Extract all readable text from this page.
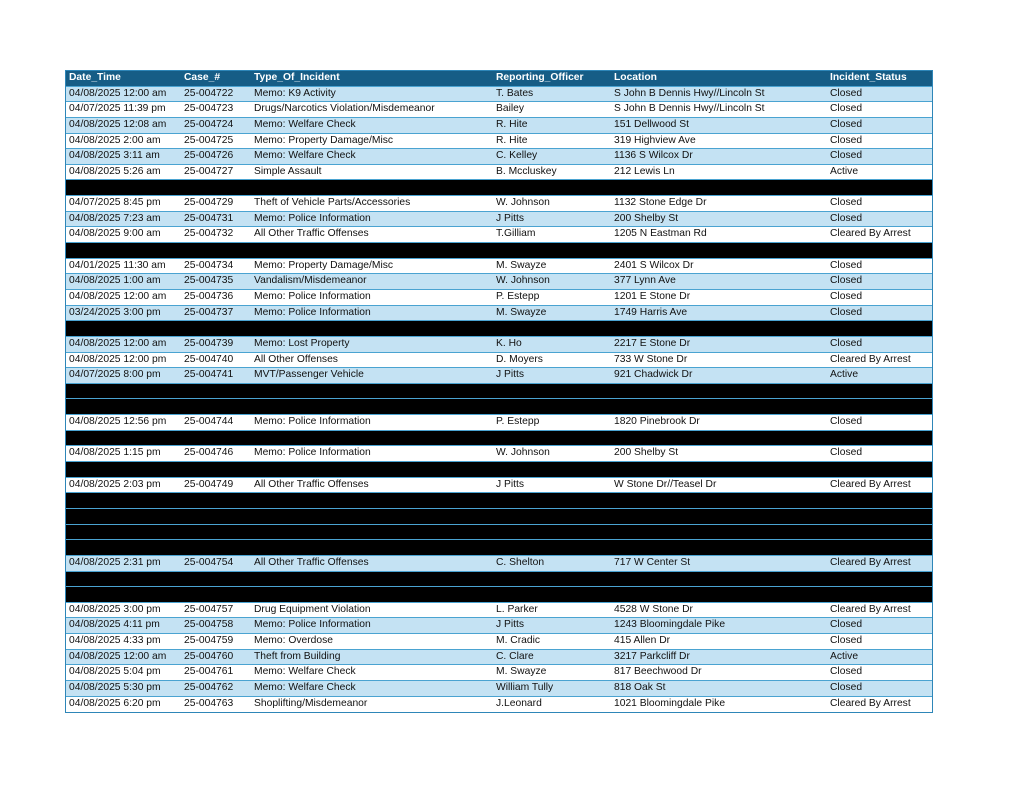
Date_Time	Case_#	Type_Of_Incident	Reporting_Officer	Location	Incident_Status
04/08/2025 12:00 am	25-004722	Memo: K9 Activity	T. Bates	S John B Dennis Hwy//Lincoln St	Closed
04/07/2025 11:39 pm	25-004723	Drugs/Narcotics Violation/Misdemeanor	Bailey	S John B Dennis Hwy//Lincoln St	Closed
04/08/2025 12:08 am	25-004724	Memo: Welfare Check	R. Hite	151 Dellwood St	Closed
04/08/2025 2:00 am	25-004725	Memo: Property Damage/Misc	R. Hite	319 Highview Ave	Closed
04/08/2025 3:11 am	25-004726	Memo: Welfare Check	C. Kelley	1136 S Wilcox Dr	Closed
04/08/2025 5:26 am	25-004727	Simple Assault	B. Mccluskey	212 Lewis Ln	Active
04/07/2025 8:45 pm	25-004729	Theft of Vehicle Parts/Accessories	W. Johnson	1132 Stone Edge Dr	Closed
04/08/2025 7:23 am	25-004731	Memo: Police Information	J Pitts	200 Shelby St	Closed
04/08/2025 9:00 am	25-004732	All Other Traffic Offenses	T.Gilliam	1205 N Eastman Rd	Cleared By Arrest
04/01/2025 11:30 am	25-004734	Memo: Property Damage/Misc	M. Swayze	2401 S Wilcox Dr	Closed
04/08/2025 1:00 am	25-004735	Vandalism/Misdemeanor	W. Johnson	377 Lynn Ave	Closed
04/08/2025 12:00 am	25-004736	Memo: Police Information	P. Estepp	1201 E Stone Dr	Closed
03/24/2025 3:00 pm	25-004737	Memo: Police Information	M. Swayze	1749 Harris Ave	Closed
04/08/2025 12:00 am	25-004739	Memo: Lost Property	K. Ho	2217 E Stone Dr	Closed
04/08/2025 12:00 pm	25-004740	All Other Offenses	D. Moyers	733 W Stone Dr	Cleared By Arrest
04/07/2025 8:00 pm	25-004741	MVT/Passenger Vehicle	J Pitts	921 Chadwick Dr	Active
04/08/2025 12:56 pm	25-004744	Memo: Police Information	P. Estepp	1820 Pinebrook Dr	Closed
04/08/2025 1:15 pm	25-004746	Memo: Police Information	W. Johnson	200 Shelby St	Closed
04/08/2025 2:03 pm	25-004749	All Other Traffic Offenses	J Pitts	W Stone Dr//Teasel Dr	Cleared By Arrest
04/08/2025 2:31 pm	25-004754	All Other Traffic Offenses	C. Shelton	717 W Center St	Cleared By Arrest
04/08/2025 3:00 pm	25-004757	Drug Equipment Violation	L. Parker	4528 W Stone Dr	Cleared By Arrest
04/08/2025 4:11 pm	25-004758	Memo: Police Information	J Pitts	1243 Bloomingdale Pike	Closed
04/08/2025 4:33 pm	25-004759	Memo: Overdose	M. Cradic	415 Allen Dr	Closed
04/08/2025 12:00 am	25-004760	Theft from Building	C. Clare	3217 Parkcliff Dr	Active
04/08/2025 5:04 pm	25-004761	Memo: Welfare Check	M. Swayze	817 Beechwood Dr	Closed
04/08/2025 5:30 pm	25-004762	Memo: Welfare Check	William Tully	818 Oak St	Closed
04/08/2025 6:20 pm	25-004763	Shoplifting/Misdemeanor	J.Leonard	1021 Bloomingdale Pike	Cleared By Arrest
